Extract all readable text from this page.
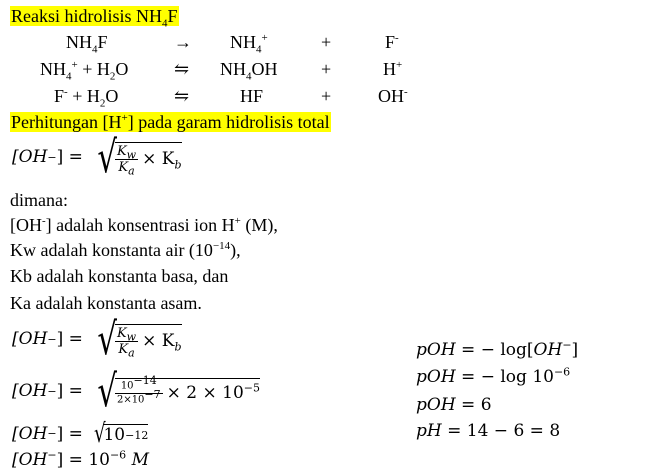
Reaksi hidrolisis $NH_4F$
$NH_4F$	→ $NH_4^+$	+	F-
$NH_4^+ + H_2O$	⇋ $NH_4OH$ +	H+
$F^- + H_2O$	⇋	HF	+	OH-
Perhitungan [H+] pada garam hidrolisis total
[OH − ] = √
$\frac{K_w}{K_a} \times K_b$
dimana:
[OH-] adalah konsentrasi ion H+ (M),
Kw adalah konstanta air $(10^{-14})$,
Kb adalah konstanta basa, dan
Ka adalah konstanta asam.
[OH − ] = √
$\frac{K_w}{K_a} \times K_b$
[OH − ] = √
$\frac{10^{-14}}{2\times 10^{-7}} \times 2 \times 10^{-5}$
[OH − ] = √
10 −12
$[OH^-] = 10^{-6}$ M
pOH = − log[OH−]
pOH = − $\log 10^{-6}$
pOH = 6
pH = 14 − 6 = 8
